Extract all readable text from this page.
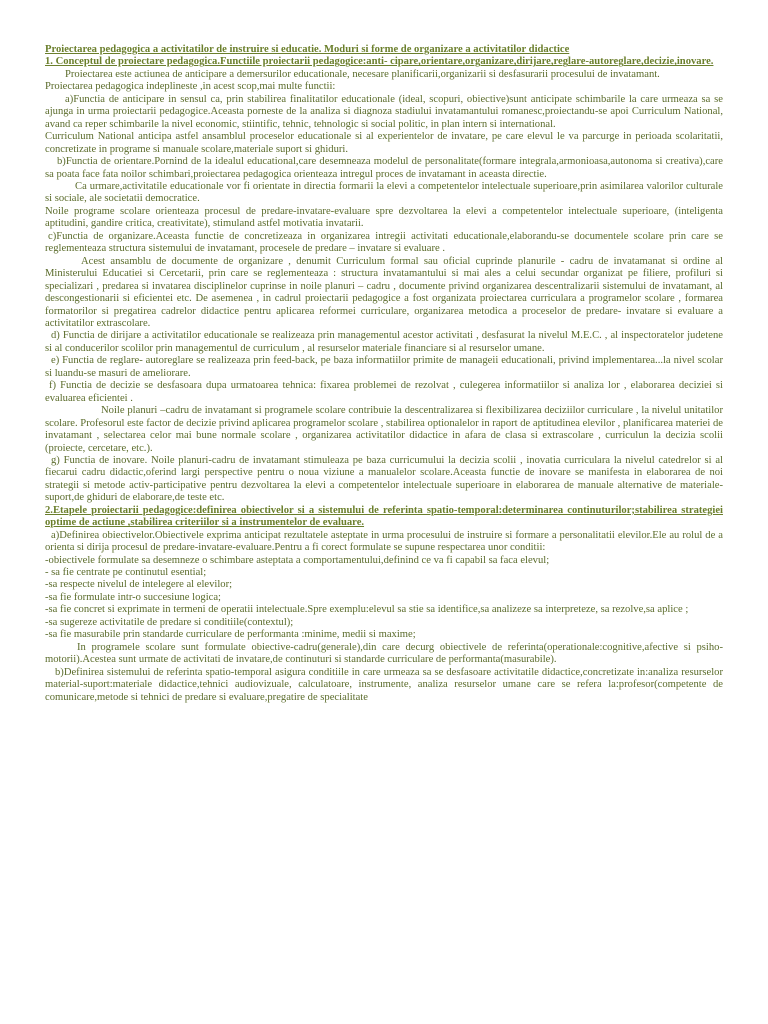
Proiectarea pedagogica a activitatilor de instruire si educatie. Moduri si forme de organizare a activitatilor didactice

1. Conceptul de proiectare pedagogica.Functiile proiectarii pedagogice:anti- cipare,orientare,organizare,dirijare,reglare-autoreglare,decizie,inovare.

Proiectarea este actiunea de anticipare a demersurilor educationale, necesare planificarii,organizarii si desfasurarii procesului de invatamant.

Proiectarea pedagogica indeplineste ,in acest scop,mai multe functii:

a)Functia de anticipare in sensul ca, prin stabilirea finalitatilor educationale (ideal, scopuri, obiective)sunt anticipate schimbarile la care urmeaza sa se ajunga in urma proiectarii pedagogice.Aceasta porneste de la analiza si diagnoza stadiului invatamantului romanesc,proiectandu-se apoi Curriculum National, avand ca reper schimbarile la nivel economic, stiintific, tehnic, tehnologic si social politic, in plan intern si international.

Curriculum National anticipa astfel ansamblul proceselor educationale si al experientelor de invatare, pe care elevul le va parcurge in perioada scolaritatii, concretizate in programe si manuale scolare,materiale suport si ghiduri.

b)Functia de orientare.Pornind de la idealul educational,care desemneaza modelul de personalitate(formare integrala,armonioasa,autonoma si creativa),care sa poata face fata noilor schimbari,proiectarea pedagogica orienteaza intregul proces de invatamant in aceasta directie.

Ca urmare,activitatile educationale vor fi orientate in directia formarii la elevi a competentelor intelectuale superioare,prin asimilarea valorilor culturale si sociale, ale societatii democratice.

Noile programe scolare orienteaza procesul de predare-invatare-evaluare spre dezvoltarea la elevi a competentelor intelectuale superioare, (inteligenta aptitudini, gandire critica, creativitate), stimuland astfel motivatia invatarii.

c)Functia de organizare.Aceasta functie de concretizeaza in organizarea intregii activitati educationale,elaborandu-se documentele scolare prin care se reglementeaza structura sistemului de invatamant, procesele de predare – invatare si evaluare .

Acest ansamblu de documente de organizare , denumit Curriculum formal sau oficial cuprinde planurile - cadru de invatamanat si ordine al Ministerului Educatiei si Cercetarii, prin care se reglementeaza : structura invatamantului si mai ales a celui secundar organizat pe filiere, profiluri si specializari , predarea si invatarea disciplinelor cuprinse in noile planuri – cadru , documente privind organizarea descentralizarii sistemului de invatamant, al descongestionarii si eficientei etc. De asemenea , in cadrul proiectarii pedagogice a fost organizata proiectarea curriculara a programelor scolare , formarea formatorilor si pregatirea cadrelor didactice pentru aplicarea reformei curriculare, organizarea metodica a proceselor de predare- invatare si evaluare a activitatilor extrascolare.

d) Functia de dirijare a activitatilor educationale se realizeaza prin managementul acestor activitati , desfasurat la nivelul M.E.C. , al inspectoratelor judetene si al conducerilor scolilor prin managementul de curriculum , al resurselor materiale financiare si al resurselor umane.

e) Functia de reglare- autoreglare se realizeaza prin feed-back, pe baza informatiilor primite de manageii educationali, privind implementarea...la nivel scolar si luandu-se masuri de ameliorare.

f) Functia de decizie se desfasoara dupa urmatoarea tehnica: fixarea problemei de rezolvat , culegerea informatiilor si analiza lor , elaborarea deciziei si evaluarea eficientei .

Noile planuri –cadru de invatamant si programele scolare contribuie la descentralizarea si flexibilizarea deciziilor curriculare , la nivelul unitatilor scolare. Profesorul este factor de decizie privind aplicarea programelor scolare , stabilirea optionalelor in raport de aptitudinea elevilor , planificarea materiei de invatamant , selectarea celor mai bune normale scolare , organizarea activitatilor didactice in afara de clasa si extrascolare , curriculun la decizia scolii (proiecte, cercetare, etc.).

g) Functia de inovare. Noile planuri-cadru de invatamant stimuleaza pe baza curricumului la decizia scolii , inovatia curriculara la nivelul catedrelor si al fiecarui cadru didactic,oferind largi perspective pentru o noua viziune a manualelor scolare.Aceasta functie de inovare se manifesta in elaborarea de noi strategii si metode activ-participative pentru dezvoltarea la elevi a competentelor intelectuale superioare in elaborarea de manuale alternative de materiale-suport,de ghiduri de elaborare,de teste etc.

2.Etapele proiectarii pedagogice:definirea obiectivelor si a sistemului de referinta spatio-temporal:determinarea continuturilor;stabilirea strategiei optime de actiune ,stabilirea criteriilor si a instrumentelor de evaluare.

a)Definirea obiectivelor.Obiectivele exprima anticipat rezultatele asteptate in urma procesului de instruire si formare a personalitatii elevilor.Ele au rolul de a orienta si dirija procesul de predare-invatare-evaluare.Pentru a fi corect formulate se supune respectarea unor conditii:

-obiectivele formulate sa desemneze o schimbare asteptata a comportamentului,definind ce va fi capabil sa faca elevul;

- sa fie centrate pe continutul esential;

-sa respecte nivelul de intelegere al elevilor;

-sa fie formulate intr-o succesiune logica;

-sa fie concret si exprimate in termeni de operatii intelectuale.Spre exemplu:elevul sa stie sa identifice,sa analizeze sa interpreteze, sa rezolve,sa aplice ;

-sa sugereze activitatile de predare si conditiile(contextul);

-sa fie masurabile prin standarde curriculare de performanta :minime, medii si maxime;

In programele scolare sunt formulate obiective-cadru(generale),din care decurg obiectivele de referinta(operationale:cognitive,afective si psiho-motorii).Acestea sunt urmate de activitati de invatare,de continuturi si standarde curriculare de performanta(masurabile).

b)Definirea sistemului de referinta spatio-temporal asigura conditiile in care urmeaza sa se desfasoare activitatile didactice,concretizate in:analiza resurselor material-suport:materiale didactice,tehnici audiovizuale, calculatoare, instrumente, analiza resurselor umane care se refera la:profesor(competente de comunicare,metode si tehnici de predare si evaluare,pregatire de specialitate
